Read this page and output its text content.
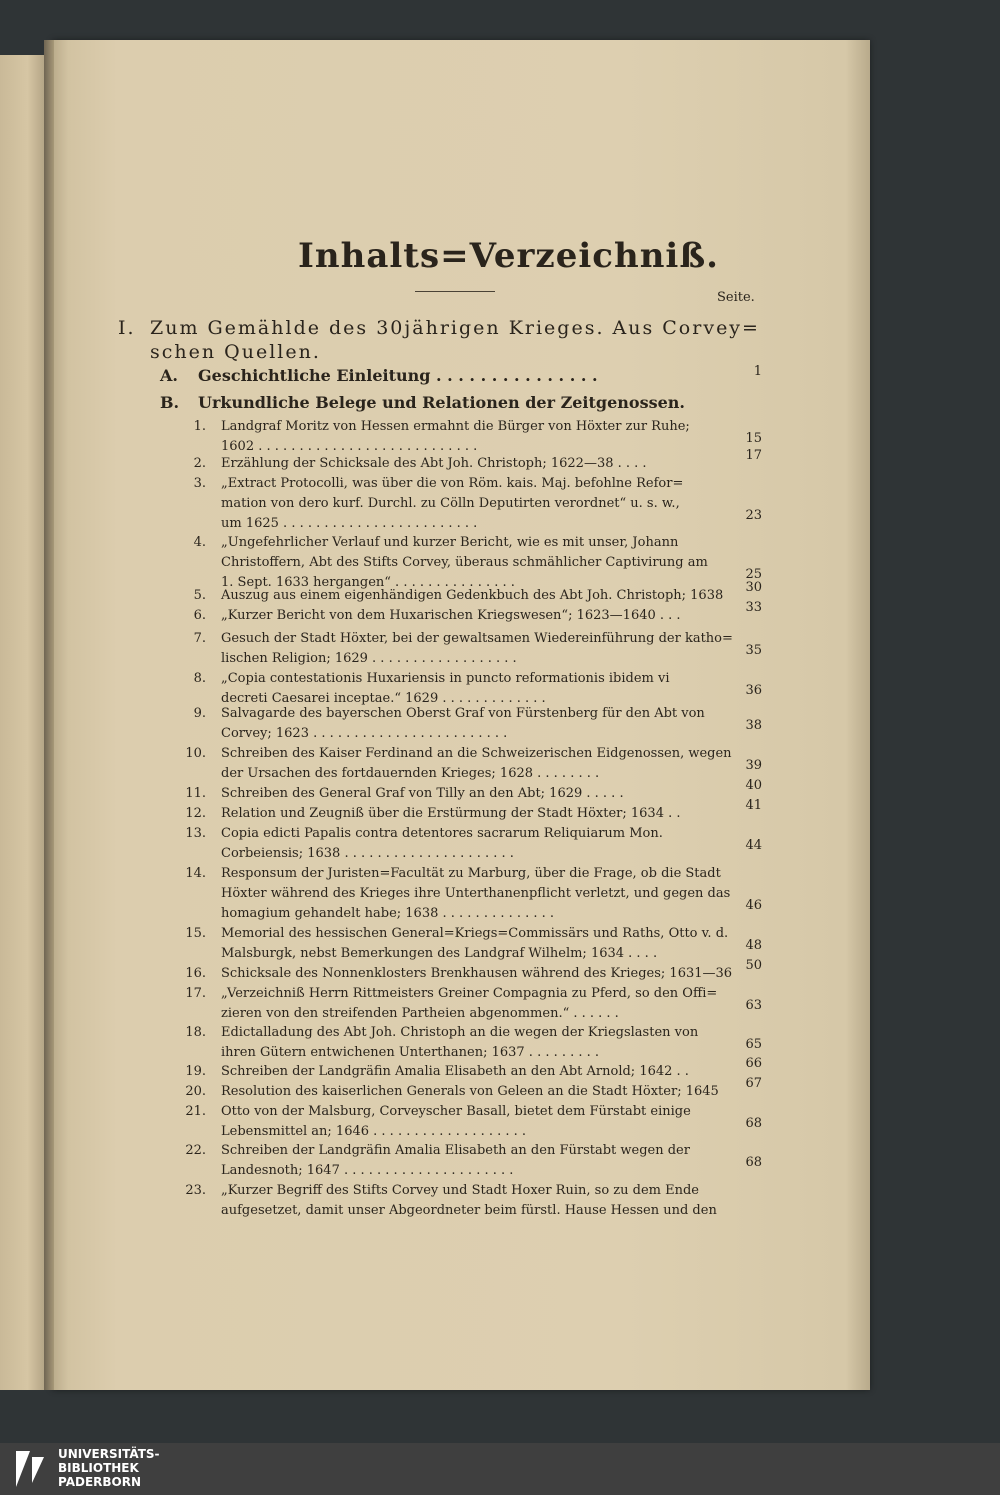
Inhalts=Verzeichniß.
Seite.
I. Zum Gemählde des 30jährigen Krieges. Aus Corvey=
schen Quellen.
A. Geschichtliche Einleitung . . . . . . . . . . . . . . .	1
B. Urkundliche Belege und Relationen der Zeitgenossen.
1. Landgraf Moritz von Hessen ermahnt die Bürger von Höxter zur Ruhe;
1602 . . . . . . . . . . . . . . . . . . . . . . . . . . .
15
2. Erzählung der Schicksale des Abt Joh. Christoph; 1622—38 . . . .
17
3. „Extract Protocolli, was über die von Röm. kais. Maj. befohlne Refor=
mation von dero kurf. Durchl. zu Cölln Deputirten verordnet“ u. s. w.,
um 1625 . . . . . . . . . . . . . . . . . . . . . . . .
23
4. „Ungefehrlicher Verlauf und kurzer Bericht, wie es mit unser, Johann
Christoffern, Abt des Stifts Corvey, überaus schmählicher Captivirung am
1. Sept. 1633 hergangen“ . . . . . . . . . . . . . . .
25
5. Auszug aus einem eigenhändigen Gedenkbuch des Abt Joh. Christoph; 1638
30
6. „Kurzer Bericht von dem Huxarischen Kriegswesen“; 1623—1640 . . .
33
7. Gesuch der Stadt Höxter, bei der gewaltsamen Wiedereinführung der katho=
lischen Religion; 1629 . . . . . . . . . . . . . . . . . .
35
8. „Copia contestationis Huxariensis in puncto reformationis ibidem vi
decreti Caesarei inceptae.“ 1629 . . . . . . . . . . . . .
36
9. Salvagarde des bayerschen Oberst Graf von Fürstenberg für den Abt von
Corvey; 1623 . . . . . . . . . . . . . . . . . . . . . . . .
38
10. Schreiben des Kaiser Ferdinand an die Schweizerischen Eidgenossen, wegen
der Ursachen des fortdauernden Krieges; 1628 . . . . . . . .
39
11. Schreiben des General Graf von Tilly an den Abt; 1629 . . . . .
40
12. Relation und Zeugniß über die Erstürmung der Stadt Höxter; 1634 . .
41
13. Copia edicti Papalis contra detentores sacrarum Reliquiarum Mon.
Corbeiensis; 1638 . . . . . . . . . . . . . . . . . . . . .
44
14. Responsum der Juristen=Facultät zu Marburg, über die Frage, ob die Stadt
Höxter während des Krieges ihre Unterthanenpflicht verletzt, und gegen das
homagium gehandelt habe; 1638 . . . . . . . . . . . . . .
46
15. Memorial des hessischen General=Kriegs=Commissärs und Raths, Otto v. d.
Malsburgk, nebst Bemerkungen des Landgraf Wilhelm; 1634 . . . .
48
16. Schicksale des Nonnenklosters Brenkhausen während des Krieges; 1631—36
50
17. „Verzeichniß Herrn Rittmeisters Greiner Compagnia zu Pferd, so den Offi=
zieren von den streifenden Partheien abgenommen.“ . . . . . .
63
18. Edictalladung des Abt Joh. Christoph an die wegen der Kriegslasten von
ihren Gütern entwichenen Unterthanen; 1637 . . . . . . . . .
65
19. Schreiben der Landgräfin Amalia Elisabeth an den Abt Arnold; 1642 . .
66
20. Resolution des kaiserlichen Generals von Geleen an die Stadt Höxter; 1645
67
21. Otto von der Malsburg, Corveyscher Basall, bietet dem Fürstabt einige
Lebensmittel an; 1646 . . . . . . . . . . . . . . . . . . .
68
22. Schreiben der Landgräfin Amalia Elisabeth an den Fürstabt wegen der
Landesnoth; 1647 . . . . . . . . . . . . . . . . . . . . .
68
23. „Kurzer Begriff des Stifts Corvey und Stadt Hoxer Ruin, so zu dem Ende
aufgesetzet, damit unser Abgeordneter beim fürstl. Hause Hessen und den
UNIVERSITÄTS-
BIBLIOTHEK
PADERBORN
